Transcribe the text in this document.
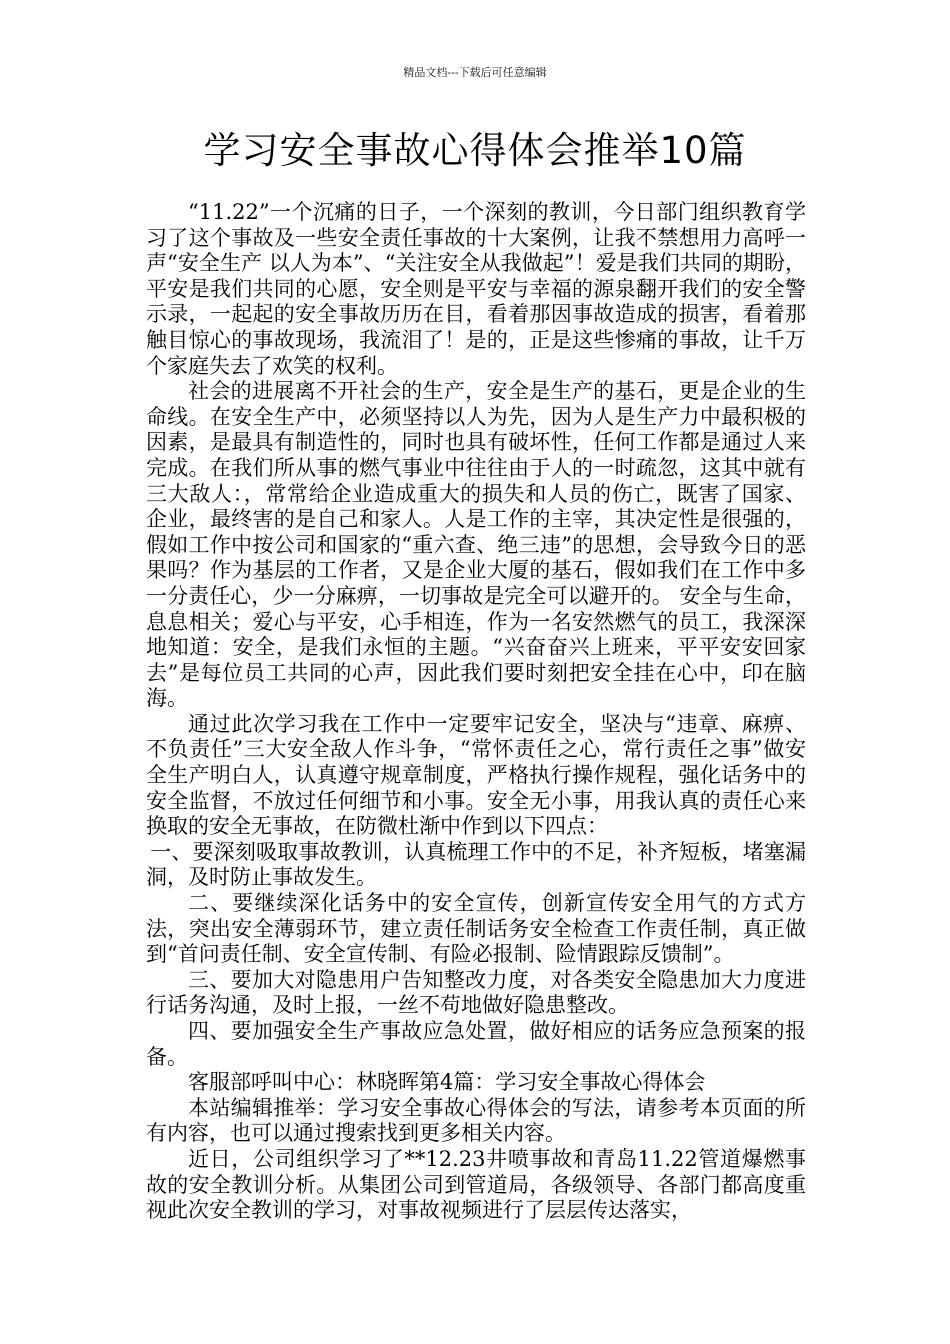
精品文档---下载后可任意编辑
学习安全事故心得体会推举10篇

“11.22”一个沉痛的日子，一个深刻的教训，今日部门组织教育学习了这个事故及一些安全责任事故的十大案例，让我不禁想用力高呼一声“安全生产 以人为本”、“关注安全从我做起”！爱是我们共同的期盼，平安是我们共同的心愿，安全则是平安与幸福的源泉翻开我们的安全警示录，一起起的安全事故历历在目，看着那因事故造成的损害，看着那触目惊心的事故现场，我流泪了！是的，正是这些惨痛的事故，让千万个家庭失去了欢笑的权利。

社会的进展离不开社会的生产，安全是生产的基石，更是企业的生命线。在安全生产中，必须坚持以人为先，因为人是生产力中最积极的因素，是最具有制造性的，同时也具有破坏性，任何工作都是通过人来完成。在我们所从事的燃气事业中往往由于人的一时疏忽，这其中就有三大敌人：，常常给企业造成重大的损失和人员的伤亡，既害了国家、企业，最终害的是自己和家人。人是工作的主宰，其决定性是很强的，假如工作中按公司和国家的“重六查、绝三违”的思想，会导致今日的恶果吗？作为基层的工作者，又是企业大厦的基石，假如我们在工作中多一分责任心，少一分麻痹，一切事故是完全可以避开的。 安全与生命，息息相关；爱心与平安，心手相连，作为一名安然燃气的员工，我深深地知道：安全，是我们永恒的主题。“兴奋奋兴上班来，平平安安回家去”是每位员工共同的心声，因此我们要时刻把安全挂在心中，印在脑海。

通过此次学习我在工作中一定要牢记安全，坚决与“违章、麻痹、不负责任”三大安全敌人作斗争，“常怀责任之心，常行责任之事”做安全生产明白人，认真遵守规章制度，严格执行操作规程，强化话务中的安全监督，不放过任何细节和小事。安全无小事，用我认真的责任心来换取的安全无事故，在防微杜渐中作到以下四点：

一、要深刻吸取事故教训，认真梳理工作中的不足，补齐短板，堵塞漏洞，及时防止事故发生。

二、要继续深化话务中的安全宣传，创新宣传安全用气的方式方法，突出安全薄弱环节，建立责任制话务安全检查工作责任制，真正做到“首问责任制、安全宣传制、有险必报制、险情跟踪反馈制”。

三、要加大对隐患用户告知整改力度，对各类安全隐患加大力度进行话务沟通，及时上报，一丝不苟地做好隐患整改。

四、要加强安全生产事故应急处置，做好相应的话务应急预案的报备。

客服部呼叫中心：林晓晖第4篇：学习安全事故心得体会

本站编辑推举：学习安全事故心得体会的写法，请参考本页面的所有内容，也可以通过搜索找到更多相关内容。

近日，公司组织学习了**12.23井喷事故和青岛11.22管道爆燃事故的安全教训分析。从集团公司到管道局，各级领导、各部门都高度重视此次安全教训的学习，对事故视频进行了层层传达落实，
